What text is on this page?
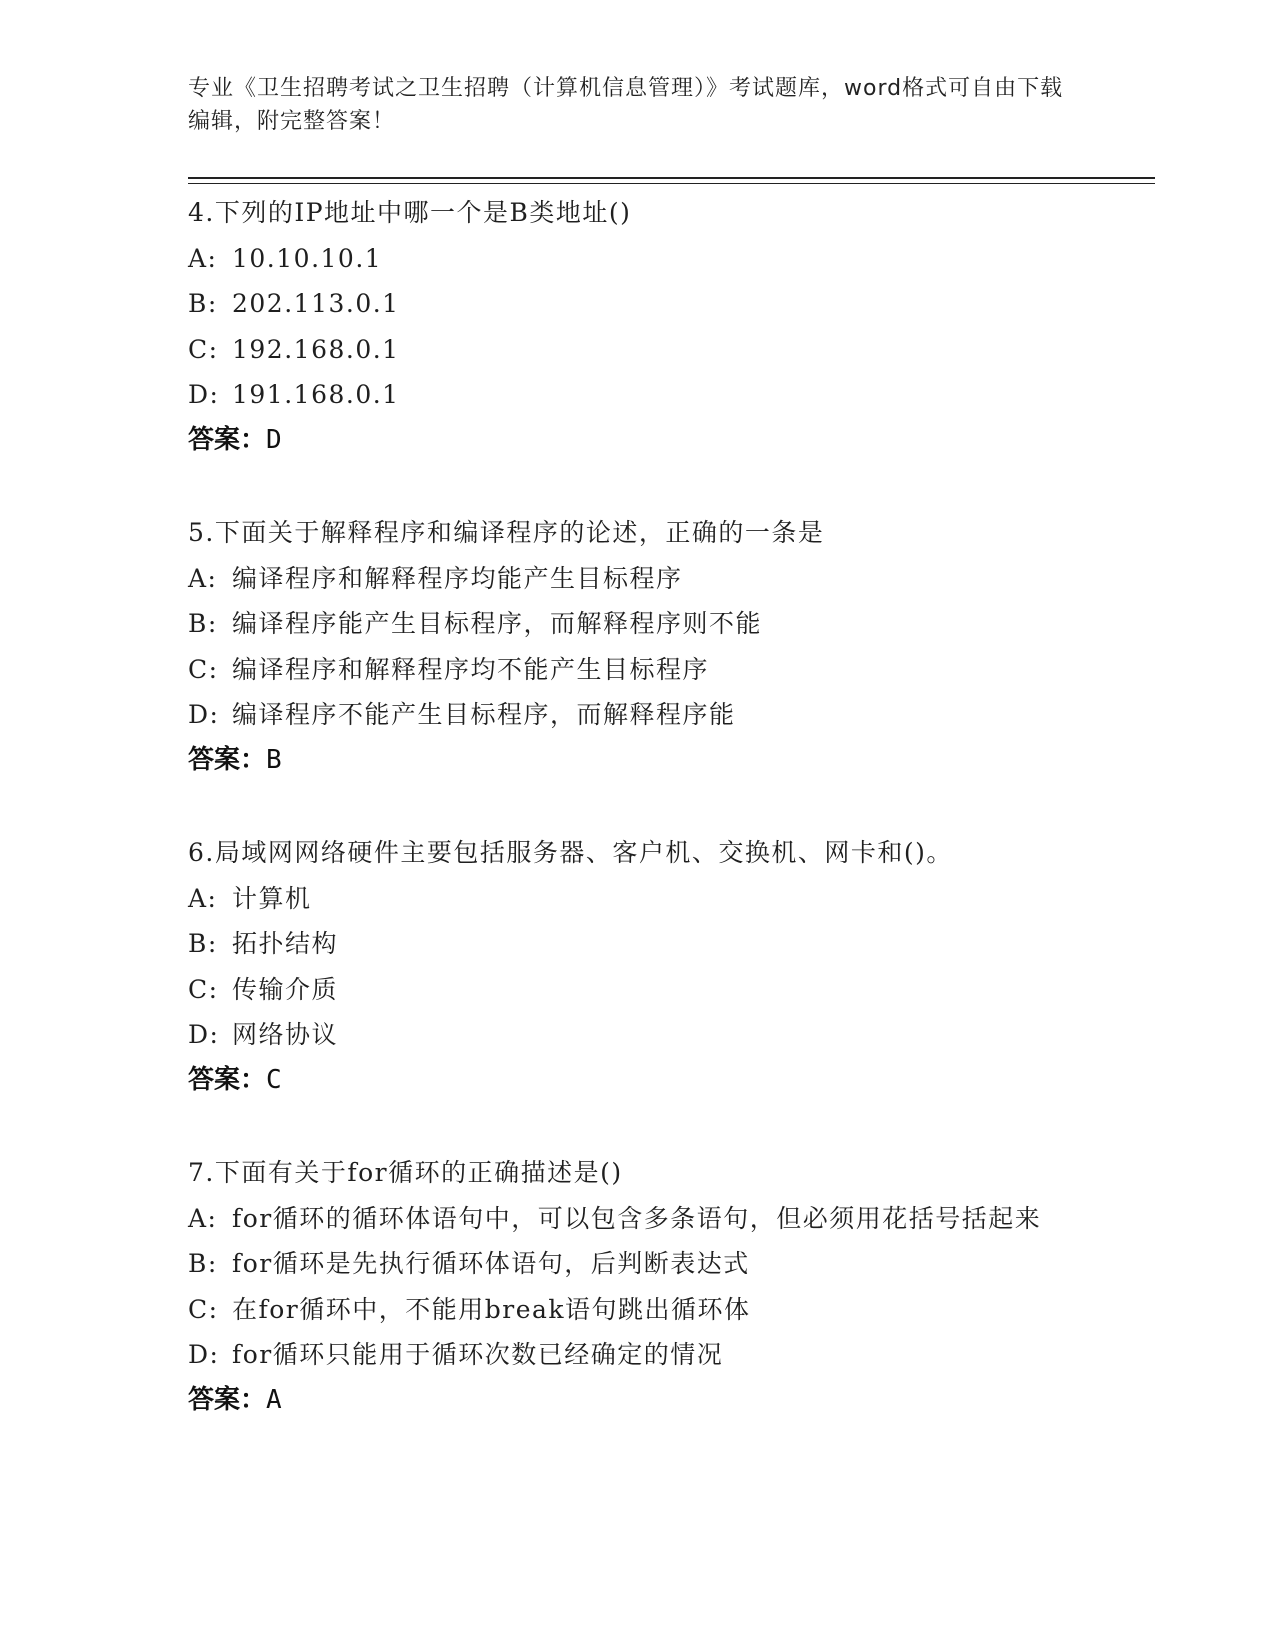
专业《卫生招聘考试之卫生招聘（计算机信息管理）》考试题库，word格式可自由下载编辑，附完整答案！
4.下列的IP地址中哪一个是B类地址()
A: 10.10.10.1
B: 202.113.0.1
C: 192.168.0.1
D: 191.168.0.1
答案：D
5.下面关于解释程序和编译程序的论述，正确的一条是
A: 编译程序和解释程序均能产生目标程序
B: 编译程序能产生目标程序，而解释程序则不能
C: 编译程序和解释程序均不能产生目标程序
D: 编译程序不能产生目标程序，而解释程序能
答案：B
6.局域网网络硬件主要包括服务器、客户机、交换机、网卡和()。
A: 计算机
B: 拓扑结构
C: 传输介质
D: 网络协议
答案：C
7.下面有关于for循环的正确描述是()
A: for循环的循环体语句中，可以包含多条语句，但必须用花括号括起来
B: for循环是先执行循环体语句，后判断表达式
C: 在for循环中，不能用break语句跳出循环体
D: for循环只能用于循环次数已经确定的情况
答案：A
